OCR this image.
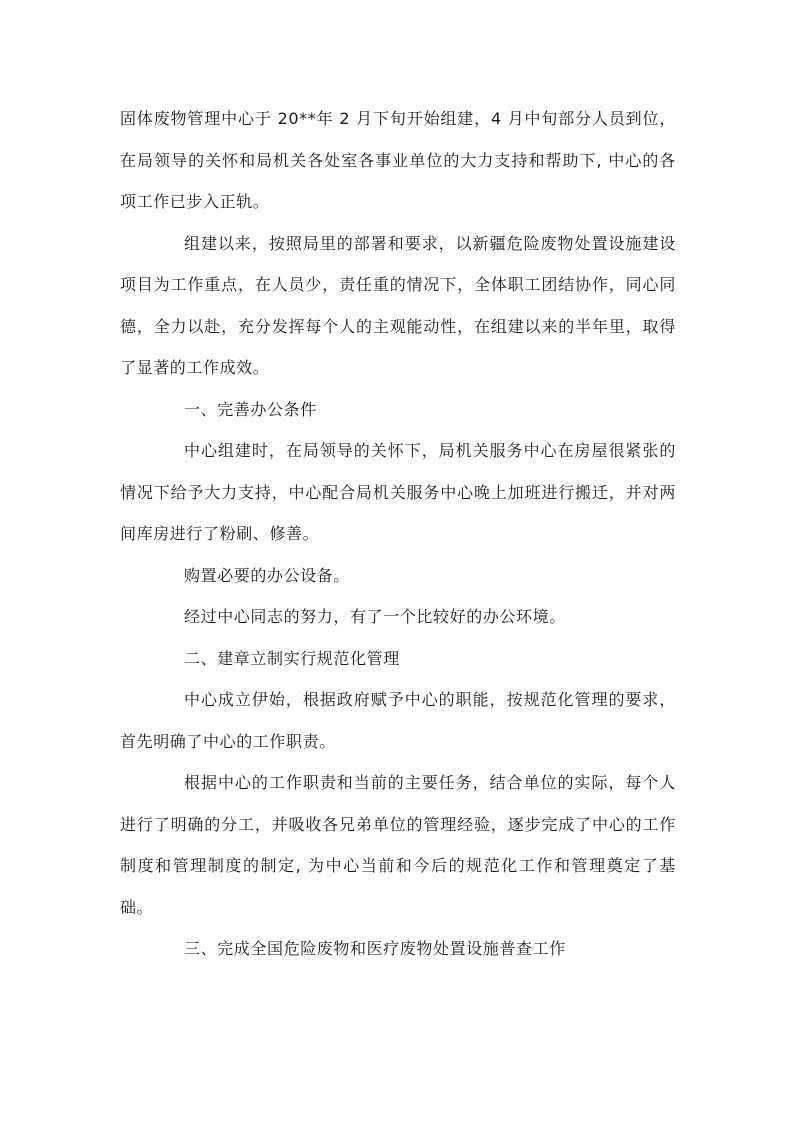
固体废物管理中心于 20**年 2 月下旬开始组建，4 月中旬部分人员到位，在局领导的关怀和局机关各处室各事业单位的大力支持和帮助下, 中心的各项工作已步入正轨。

组建以来，按照局里的部署和要求，以新疆危险废物处置设施建设项目为工作重点，在人员少，责任重的情况下，全体职工团结协作，同心同德，全力以赴，充分发挥每个人的主观能动性，在组建以来的半年里，取得了显著的工作成效。

一、完善办公条件

中心组建时，在局领导的关怀下，局机关服务中心在房屋很紧张的情况下给予大力支持，中心配合局机关服务中心晚上加班进行搬迁，并对两间库房进行了粉刷、修善。

购置必要的办公设备。

经过中心同志的努力，有了一个比较好的办公环境。

二、建章立制实行规范化管理

中心成立伊始，根据政府赋予中心的职能，按规范化管理的要求，首先明确了中心的工作职责。

根据中心的工作职责和当前的主要任务，结合单位的实际，每个人进行了明确的分工，并吸收各兄弟单位的管理经验，逐步完成了中心的工作制度和管理制度的制定, 为中心当前和今后的规范化工作和管理奠定了基础。

三、完成全国危险废物和医疗废物处置设施普查工作
